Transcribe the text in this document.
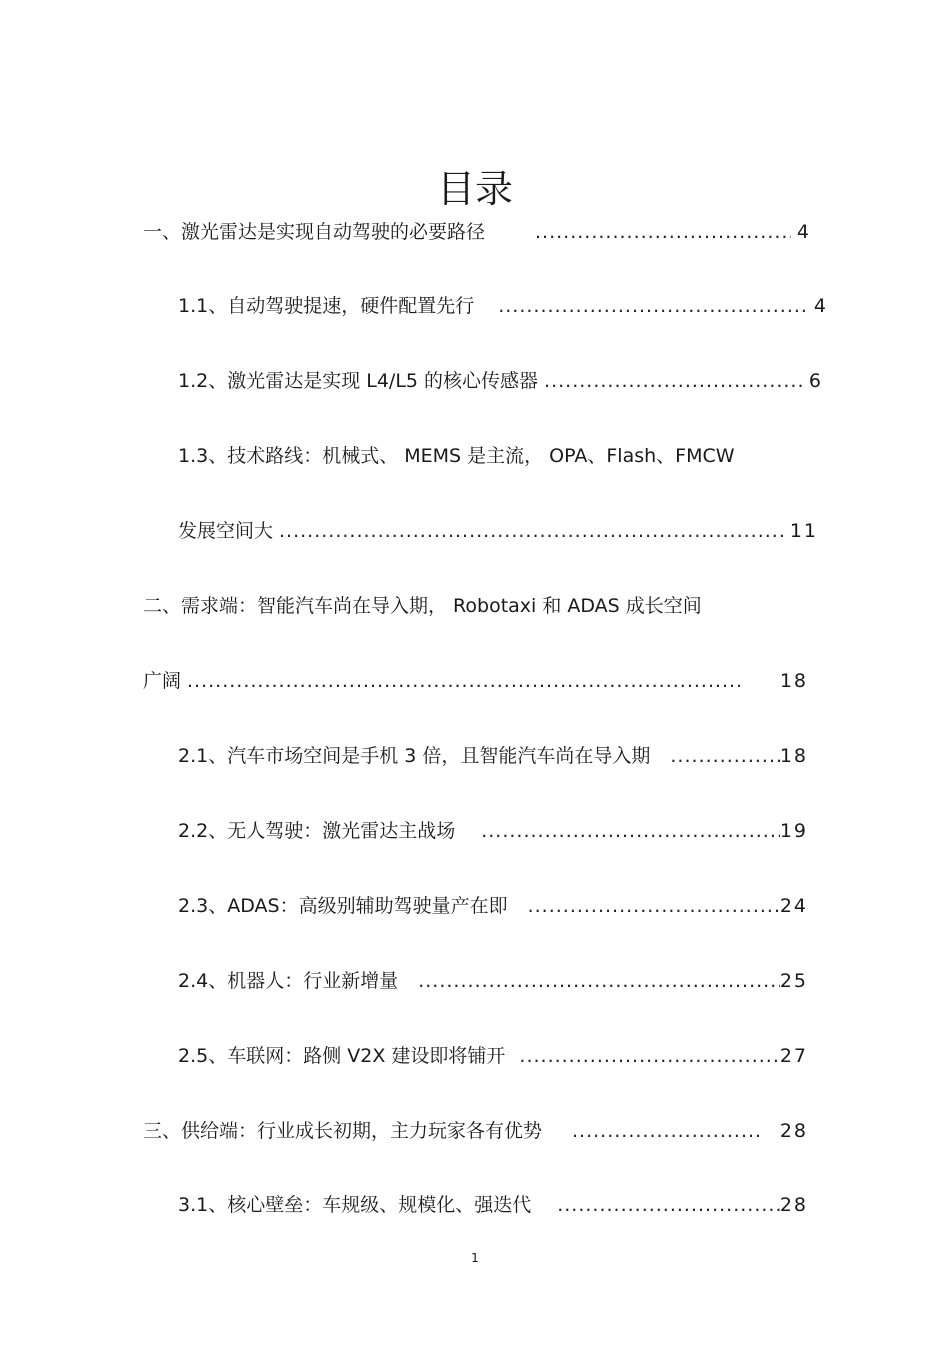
目录
一、激光雷达是实现自动驾驶的必要路径 .....	4
1.1、自动驾驶提速，硬件配置先行 .....	4
1.2、激光雷达是实现 L4/L5 的核心传感器 .....	6
1.3、技术路线：机械式、 MEMS 是主流， OPA、Flash、FMCW
发展空间大 .....	11
二、需求端：智能汽车尚在导入期， Robotaxi 和 ADAS 成长空间
广阔 .....	18
2.1、汽车市场空间是手机 3 倍，且智能汽车尚在导入期 .....	18
2.2、无人驾驶：激光雷达主战场 .....	19
2.3、ADAS：高级别辅助驾驶量产在即 .....	24
2.4、机器人：行业新增量 .....	25
2.5、车联网：路侧 V2X 建设即将铺开 .....	27
三、供给端：行业成长初期，主力玩家各有优势 .....	28
3.1、核心壁垒：车规级、规模化、强迭代 .....	28
1
